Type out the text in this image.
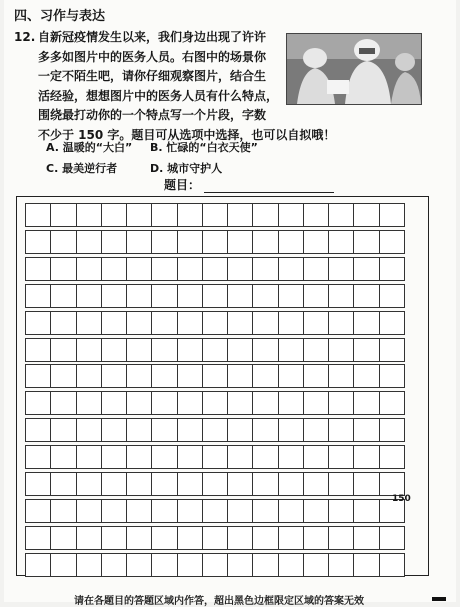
四、习作与表达
12. 自新冠疫情发生以来，我们身边出现了许许
多多如图片中的医务人员。右图中的场景你
一定不陌生吧，请你仔细观察图片，结合生
活经验，想想图片中的医务人员有什么特点，
围绕最打动你的一个特点写一个片段，字数
不少于 150 字。题目可从选项中选择，也可以自拟哦！
A. 温暖的“大白”	B. 忙碌的“白衣天使”
C. 最美逆行者	D. 城市守护人
题目：
150
请在各题目的答题区域内作答，超出黑色边框限定区域的答案无效
